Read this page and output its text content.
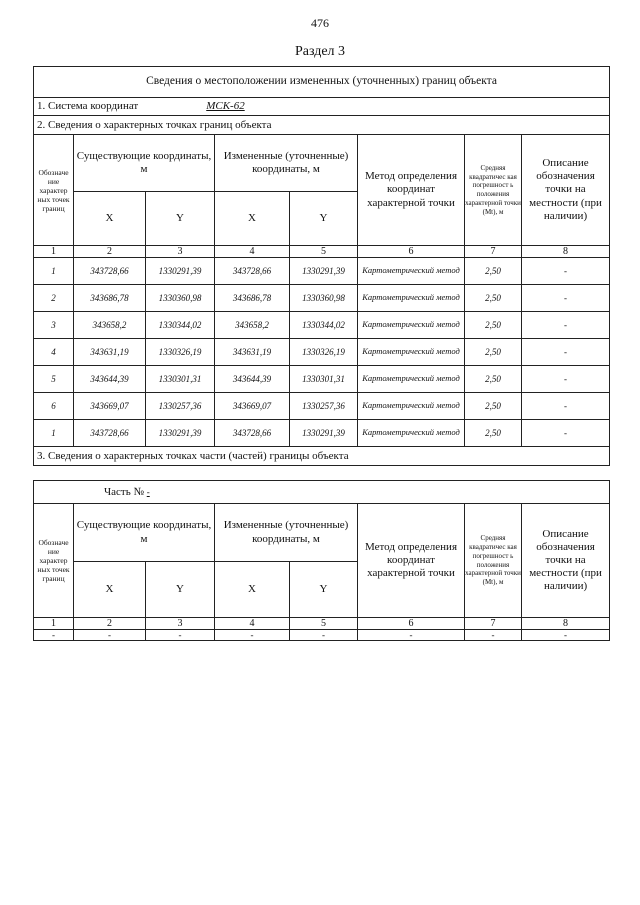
476
Раздел 3
Сведения о местоположении измененных (уточненных) границ объекта							
1. Система координат МСК-62							
2. Сведения о характерных точках границ объекта							
Обозначе ние характер ных точек границ	Существующие координаты, м		Измененные (уточненные) координаты, м		Метод определения координат характерной точки	Средняя квадратичес кая погрешност ь положения характерной точки (Mt), м	Описание обозначения точки на местности (при наличии)
	X	Y	X	Y			
1	2	3	4	5	6	7	8
1	343728,66	1330291,39	343728,66	1330291,39	Картометрический метод	2,50	-
2	343686,78	1330360,98	343686,78	1330360,98	Картометрический метод	2,50	-
3	343658,2	1330344,02	343658,2	1330344,02	Картометрический метод	2,50	-
4	343631,19	1330326,19	343631,19	1330326,19	Картометрический метод	2,50	-
5	343644,39	1330301,31	343644,39	1330301,31	Картометрический метод	2,50	-
6	343669,07	1330257,36	343669,07	1330257,36	Картометрический метод	2,50	-
1	343728,66	1330291,39	343728,66	1330291,39	Картометрический метод	2,50	-
3. Сведения о характерных точках части (частей) границы объекта							
Часть № -							
Обозначе ние характер ных точек границ	Существующие координаты, м		Измененные (уточненные) координаты, м		Метод определения координат характерной точки	Средняя квадратичес кая погрешност ь положения характерной точки (Mt), м	Описание обозначения точки на местности (при наличии)
	X	Y	X	Y			
1	2	3	4	5	6	7	8
-	-	-	-	-	-	-	-
